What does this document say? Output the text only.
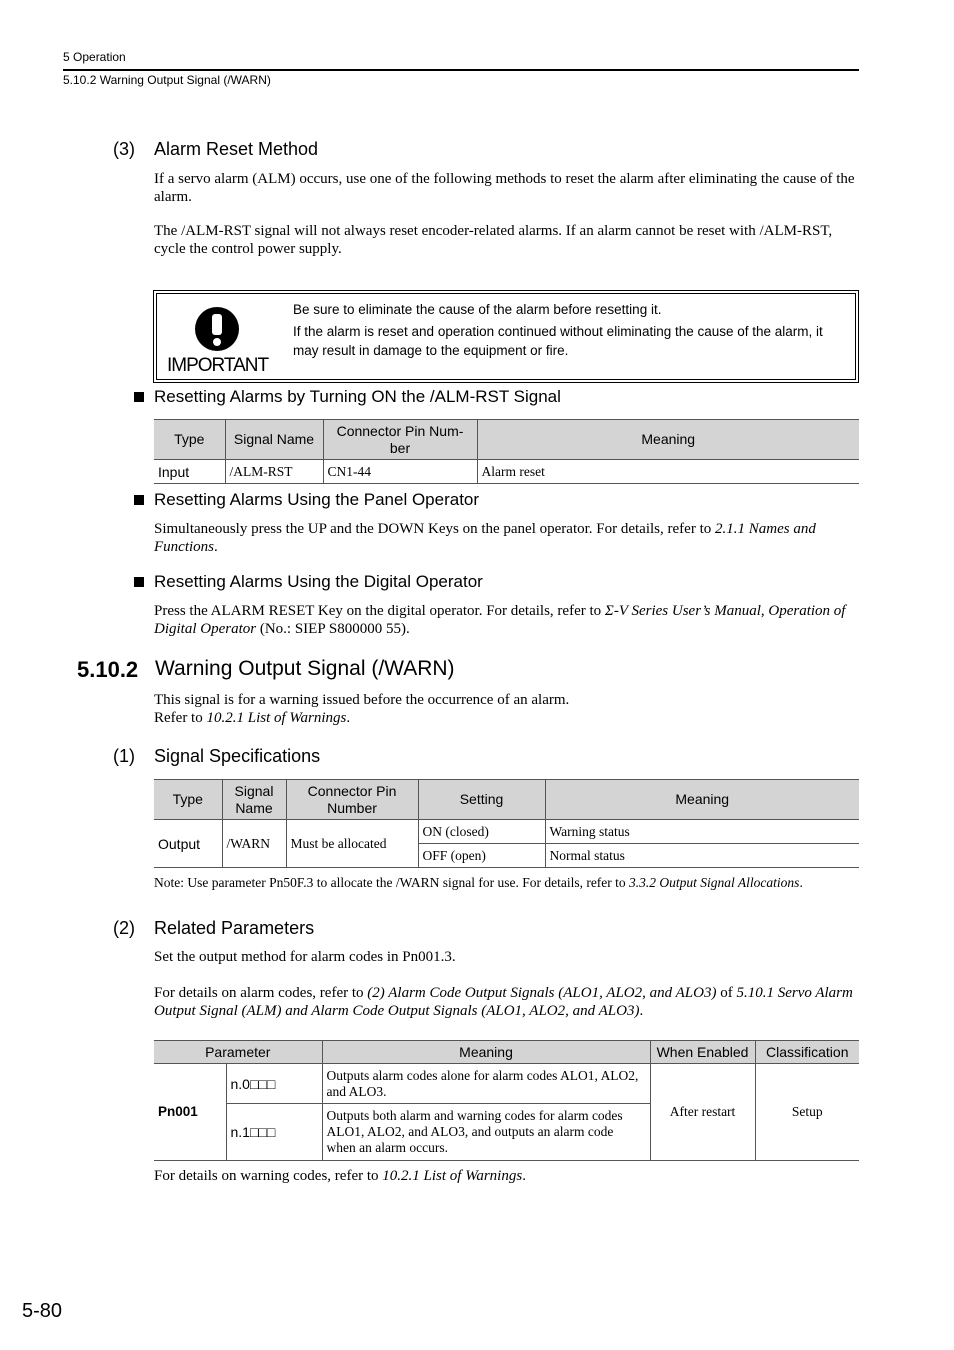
5 Operation
5.10.2 Warning Output Signal (/WARN)
(3) Alarm Reset Method
If a servo alarm (ALM) occurs, use one of the following methods to reset the alarm after eliminating the cause of the alarm.
The /ALM-RST signal will not always reset encoder-related alarms. If an alarm cannot be reset with /ALM-RST, cycle the control power supply.
IMPORTANT
Be sure to eliminate the cause of the alarm before resetting it.
If the alarm is reset and operation continued without eliminating the cause of the alarm, it may result in damage to the equipment or fire.
Resetting Alarms by Turning ON the /ALM-RST Signal
Type	Signal Name	Connector Pin Num-ber	Meaning
Input	/ALM-RST	CN1-44	Alarm reset
Resetting Alarms Using the Panel Operator
Simultaneously press the UP and the DOWN Keys on the panel operator. For details, refer to 2.1.1 Names and Functions.
Resetting Alarms Using the Digital Operator
Press the ALARM RESET Key on the digital operator. For details, refer to Σ-V Series User’s Manual, Operation of Digital Operator (No.: SIEP S800000 55).
5.10.2 Warning Output Signal (/WARN)
This signal is for a warning issued before the occurrence of an alarm.
Refer to 10.2.1 List of Warnings.
(1) Signal Specifications
Type	Signal Name	Connector Pin Number	Setting	Meaning
Output	/WARN	Must be allocated	ON (closed)	Warning status
			OFF (open)	Normal status
Note: Use parameter Pn50F.3 to allocate the /WARN signal for use. For details, refer to 3.3.2 Output Signal Allocations.
(2) Related Parameters
Set the output method for alarm codes in Pn001.3.
For details on alarm codes, refer to (2) Alarm Code Output Signals (ALO1, ALO2, and ALO3) of 5.10.1 Servo Alarm Output Signal (ALM) and Alarm Code Output Signals (ALO1, ALO2, and ALO3).
Parameter		Meaning	When Enabled	Classification
Pn001	n.0□□□	Outputs alarm codes alone for alarm codes ALO1, ALO2, and ALO3.	After restart	Setup
	n.1□□□	Outputs both alarm and warning codes for alarm codes ALO1, ALO2, and ALO3, and outputs an alarm code when an alarm occurs.		
For details on warning codes, refer to 10.2.1 List of Warnings.
5-80
